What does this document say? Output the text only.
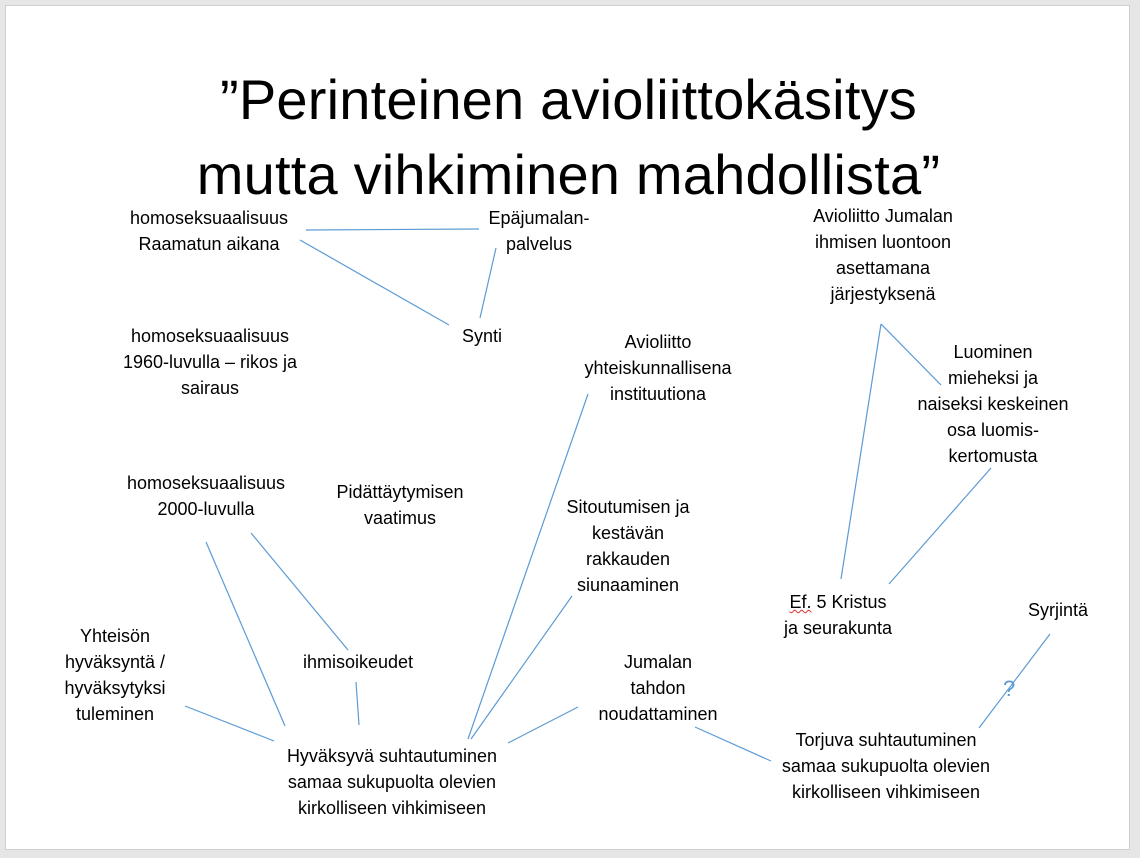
”Perinteinen avioliittokäsitys
mutta vihkiminen mahdollista”
homoseksuaalisuus
Raamatun aikana
Epäjumalan-
palvelus
Synti
homoseksuaalisuus
1960-luvulla – rikos ja
sairaus
homoseksuaalisuus
2000-luvulla
Pidättäytymisen
vaatimus
Yhteisön
hyväksyntä /
hyväksytyksi
tuleminen
ihmisoikeudet
Hyväksyvä suhtautuminen
samaa sukupuolta olevien
kirkolliseen vihkimiseen
Avioliitto
yhteiskunnallisena
instituutiona
Sitoutumisen ja
kestävän
rakkauden
siunaaminen
Jumalan
tahdon
noudattaminen
Avioliitto Jumalan
ihmisen luontoon
asettamana
järjestyksenä
Luominen
mieheksi ja
naiseksi keskeinen
osa luomis-
kertomusta
Ef. 5 Kristus
ja seurakunta
Syrjintä
?
Torjuva suhtautuminen
samaa sukupuolta olevien
kirkolliseen vihkimiseen
